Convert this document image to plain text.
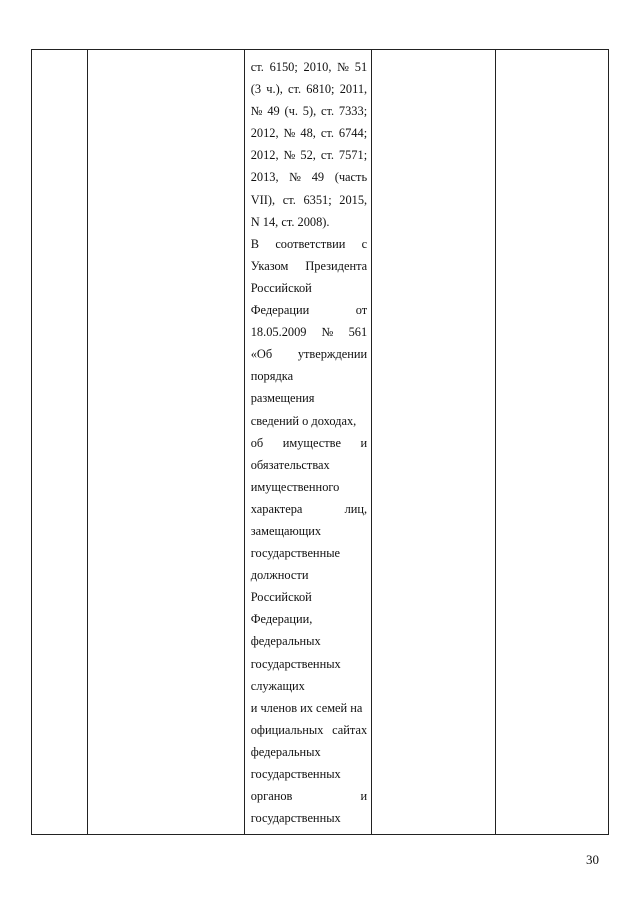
ст. 6150; 2010, № 51
(3 ч.), ст. 6810; 2011,
№ 49 (ч. 5), ст. 7333;
2012, № 48, ст. 6744;
2012, № 52, ст. 7571;
2013, № 49 (часть
VII), ст. 6351; 2015,
N 14, ст. 2008).
В соответствии с
Указом Президента
Российской
Федерации	от
18.05.2009 № 561
«Об утверждении
порядка
размещения
сведений о доходах,
об имуществе и
обязательствах
имущественного
характера	лиц,
замещающих
государственные
должности
Российской
Федерации,
федеральных
государственных
служащих
и членов их семей на
официальных сайтах
федеральных
государственных
органов	и
государственных

30
